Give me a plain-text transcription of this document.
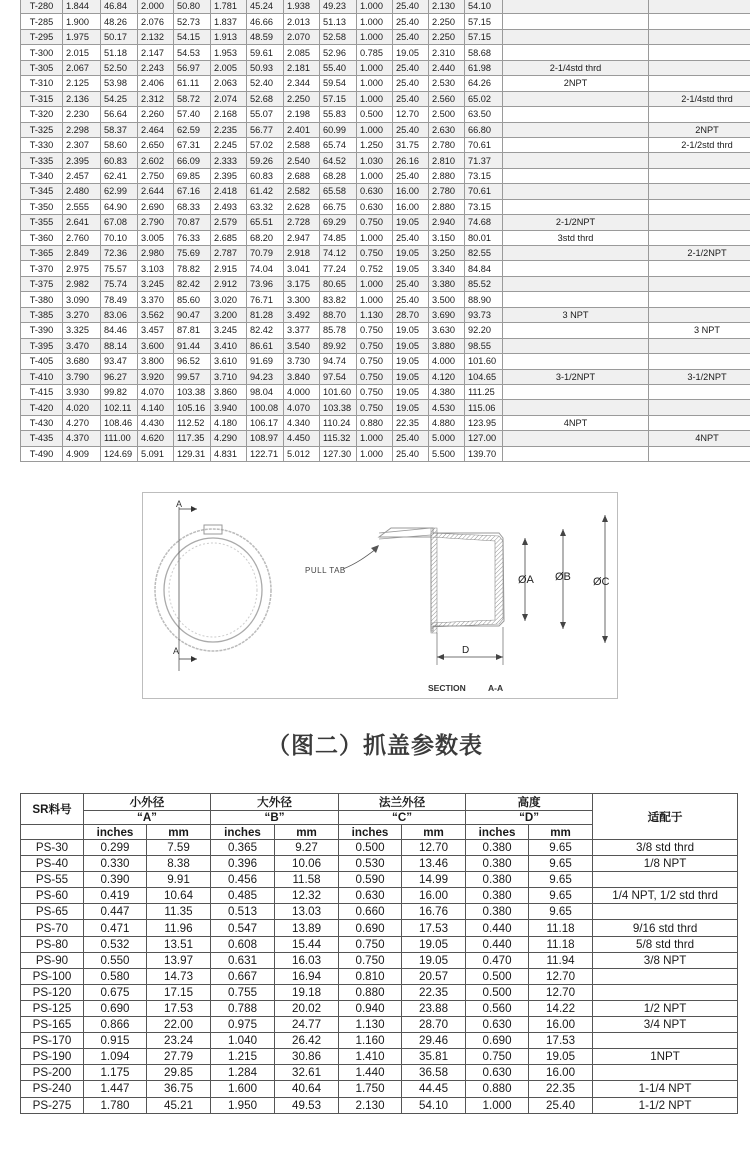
T-280	1.844	46.84	2.000	50.80	1.781	45.24	1.938	49.23	1.000	25.40	2.130	54.10		
T-285	1.900	48.26	2.076	52.73	1.837	46.66	2.013	51.13	1.000	25.40	2.250	57.15		
T-295	1.975	50.17	2.132	54.15	1.913	48.59	2.070	52.58	1.000	25.40	2.250	57.15		
T-300	2.015	51.18	2.147	54.53	1.953	59.61	2.085	52.96	0.785	19.05	2.310	58.68		
T-305	2.067	52.50	2.243	56.97	2.005	50.93	2.181	55.40	1.000	25.40	2.440	61.98	2-1/4std thrd	
T-310	2.125	53.98	2.406	61.11	2.063	52.40	2.344	59.54	1.000	25.40	2.530	64.26	2NPT	
T-315	2.136	54.25	2.312	58.72	2.074	52.68	2.250	57.15	1.000	25.40	2.560	65.02		2-1/4std thrd
T-320	2.230	56.64	2.260	57.40	2.168	55.07	2.198	55.83	0.500	12.70	2.500	63.50		
T-325	2.298	58.37	2.464	62.59	2.235	56.77	2.401	60.99	1.000	25.40	2.630	66.80		2NPT
T-330	2.307	58.60	2.650	67.31	2.245	57.02	2.588	65.74	1.250	31.75	2.780	70.61		2-1/2std thrd
T-335	2.395	60.83	2.602	66.09	2.333	59.26	2.540	64.52	1.030	26.16	2.810	71.37		
T-340	2.457	62.41	2.750	69.85	2.395	60.83	2.688	68.28	1.000	25.40	2.880	73.15		
T-345	2.480	62.99	2.644	67.16	2.418	61.42	2.582	65.58	0.630	16.00	2.780	70.61		
T-350	2.555	64.90	2.690	68.33	2.493	63.32	2.628	66.75	0.630	16.00	2.880	73.15		
T-355	2.641	67.08	2.790	70.87	2.579	65.51	2.728	69.29	0.750	19.05	2.940	74.68	2-1/2NPT	
T-360	2.760	70.10	3.005	76.33	2.685	68.20	2.947	74.85	1.000	25.40	3.150	80.01	3std thrd	
T-365	2.849	72.36	2.980	75.69	2.787	70.79	2.918	74.12	0.750	19.05	3.250	82.55		2-1/2NPT
T-370	2.975	75.57	3.103	78.82	2.915	74.04	3.041	77.24	0.752	19.05	3.340	84.84		
T-375	2.982	75.74	3.245	82.42	2.912	73.96	3.175	80.65	1.000	25.40	3.380	85.52		
T-380	3.090	78.49	3.370	85.60	3.020	76.71	3.300	83.82	1.000	25.40	3.500	88.90		
T-385	3.270	83.06	3.562	90.47	3.200	81.28	3.492	88.70	1.130	28.70	3.690	93.73	3 NPT	
T-390	3.325	84.46	3.457	87.81	3.245	82.42	3.377	85.78	0.750	19.05	3.630	92.20		3 NPT
T-395	3.470	88.14	3.600	91.44	3.410	86.61	3.540	89.92	0.750	19.05	3.880	98.55		
T-405	3.680	93.47	3.800	96.52	3.610	91.69	3.730	94.74	0.750	19.05	4.000	101.60		
T-410	3.790	96.27	3.920	99.57	3.710	94.23	3.840	97.54	0.750	19.05	4.120	104.65	3-1/2NPT	3-1/2NPT
T-415	3.930	99.82	4.070	103.38	3.860	98.04	4.000	101.60	0.750	19.05	4.380	111.25		
T-420	4.020	102.11	4.140	105.16	3.940	100.08	4.070	103.38	0.750	19.05	4.530	115.06		
T-430	4.270	108.46	4.430	112.52	4.180	106.17	4.340	110.24	0.880	22.35	4.880	123.95	4NPT	
T-435	4.370	111.00	4.620	117.35	4.290	108.97	4.450	115.32	1.000	25.40	5.000	127.00		4NPT
T-490	4.909	124.69	5.091	129.31	4.831	122.71	5.012	127.30	1.000	25.40	5.500	139.70		
A
A
PULL TAB
ØA ØB ØC
D
SECTION	A-A
（图二）抓盖参数表
SR料号	小外径		大外径		法兰外径		高度		适配于
	“A”		“B”		“C”		“D”		
	inches	mm	inches	mm	inches	mm	inches	mm	
PS-30	0.299	7.59	0.365	9.27	0.500	12.70	0.380	9.65	3/8 std thrd
PS-40	0.330	8.38	0.396	10.06	0.530	13.46	0.380	9.65	1/8 NPT
PS-55	0.390	9.91	0.456	11.58	0.590	14.99	0.380	9.65	
PS-60	0.419	10.64	0.485	12.32	0.630	16.00	0.380	9.65	1/4 NPT, 1/2 std thrd
PS-65	0.447	11.35	0.513	13.03	0.660	16.76	0.380	9.65	
PS-70	0.471	11.96	0.547	13.89	0.690	17.53	0.440	11.18	9/16 std thrd
PS-80	0.532	13.51	0.608	15.44	0.750	19.05	0.440	11.18	5/8 std thrd
PS-90	0.550	13.97	0.631	16.03	0.750	19.05	0.470	11.94	3/8 NPT
PS-100	0.580	14.73	0.667	16.94	0.810	20.57	0.500	12.70	
PS-120	0.675	17.15	0.755	19.18	0.880	22.35	0.500	12.70	
PS-125	0.690	17.53	0.788	20.02	0.940	23.88	0.560	14.22	1/2 NPT
PS-165	0.866	22.00	0.975	24.77	1.130	28.70	0.630	16.00	3/4 NPT
PS-170	0.915	23.24	1.040	26.42	1.160	29.46	0.690	17.53	
PS-190	1.094	27.79	1.215	30.86	1.410	35.81	0.750	19.05	1NPT
PS-200	1.175	29.85	1.284	32.61	1.440	36.58	0.630	16.00	
PS-240	1.447	36.75	1.600	40.64	1.750	44.45	0.880	22.35	1-1/4 NPT
PS-275	1.780	45.21	1.950	49.53	2.130	54.10	1.000	25.40	1-1/2 NPT
